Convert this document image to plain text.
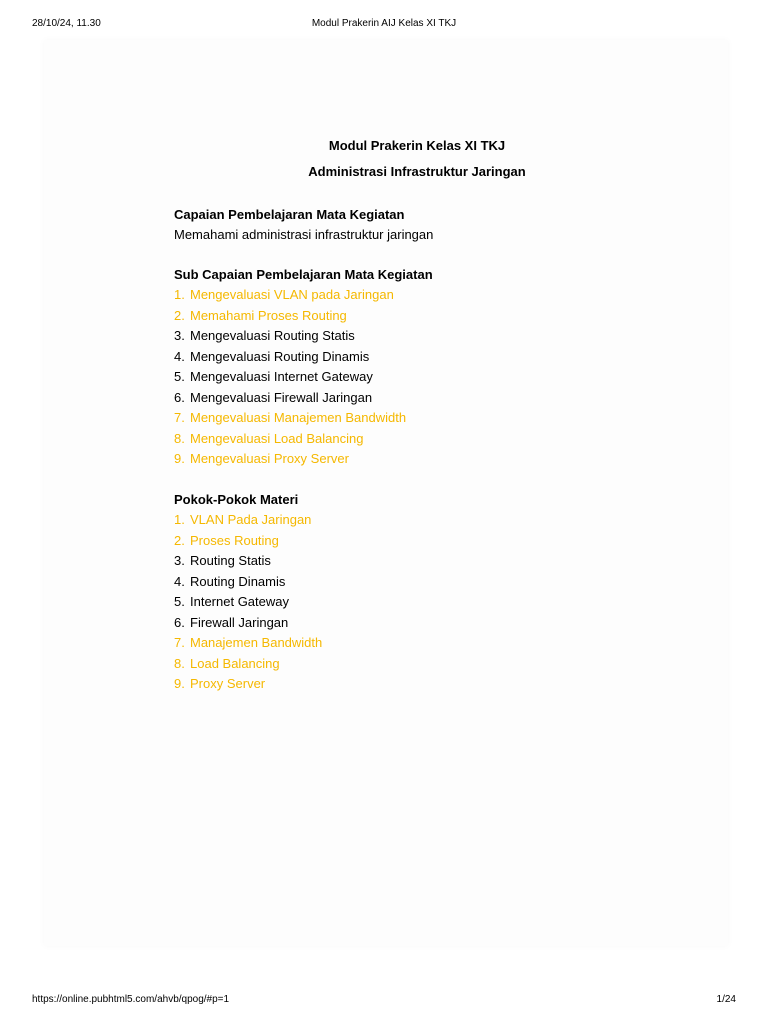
28/10/24, 11.30	Modul Prakerin AIJ Kelas XI TKJ
Modul Prakerin Kelas XI TKJ
Administrasi Infrastruktur Jaringan
Capaian Pembelajaran Mata Kegiatan
Memahami administrasi infrastruktur jaringan
Sub Capaian Pembelajaran Mata Kegiatan
1. Mengevaluasi VLAN pada Jaringan
2. Memahami Proses Routing
3. Mengevaluasi Routing Statis
4. Mengevaluasi Routing Dinamis
5. Mengevaluasi Internet Gateway
6. Mengevaluasi Firewall Jaringan
7. Mengevaluasi Manajemen Bandwidth
8. Mengevaluasi Load Balancing
9. Mengevaluasi Proxy Server
Pokok-Pokok Materi
1. VLAN Pada Jaringan
2. Proses Routing
3. Routing Statis
4. Routing Dinamis
5. Internet Gateway
6. Firewall Jaringan
7. Manajemen Bandwidth
8. Load Balancing
9. Proxy Server
https://online.pubhtml5.com/ahvb/qpog/#p=1	1/24
